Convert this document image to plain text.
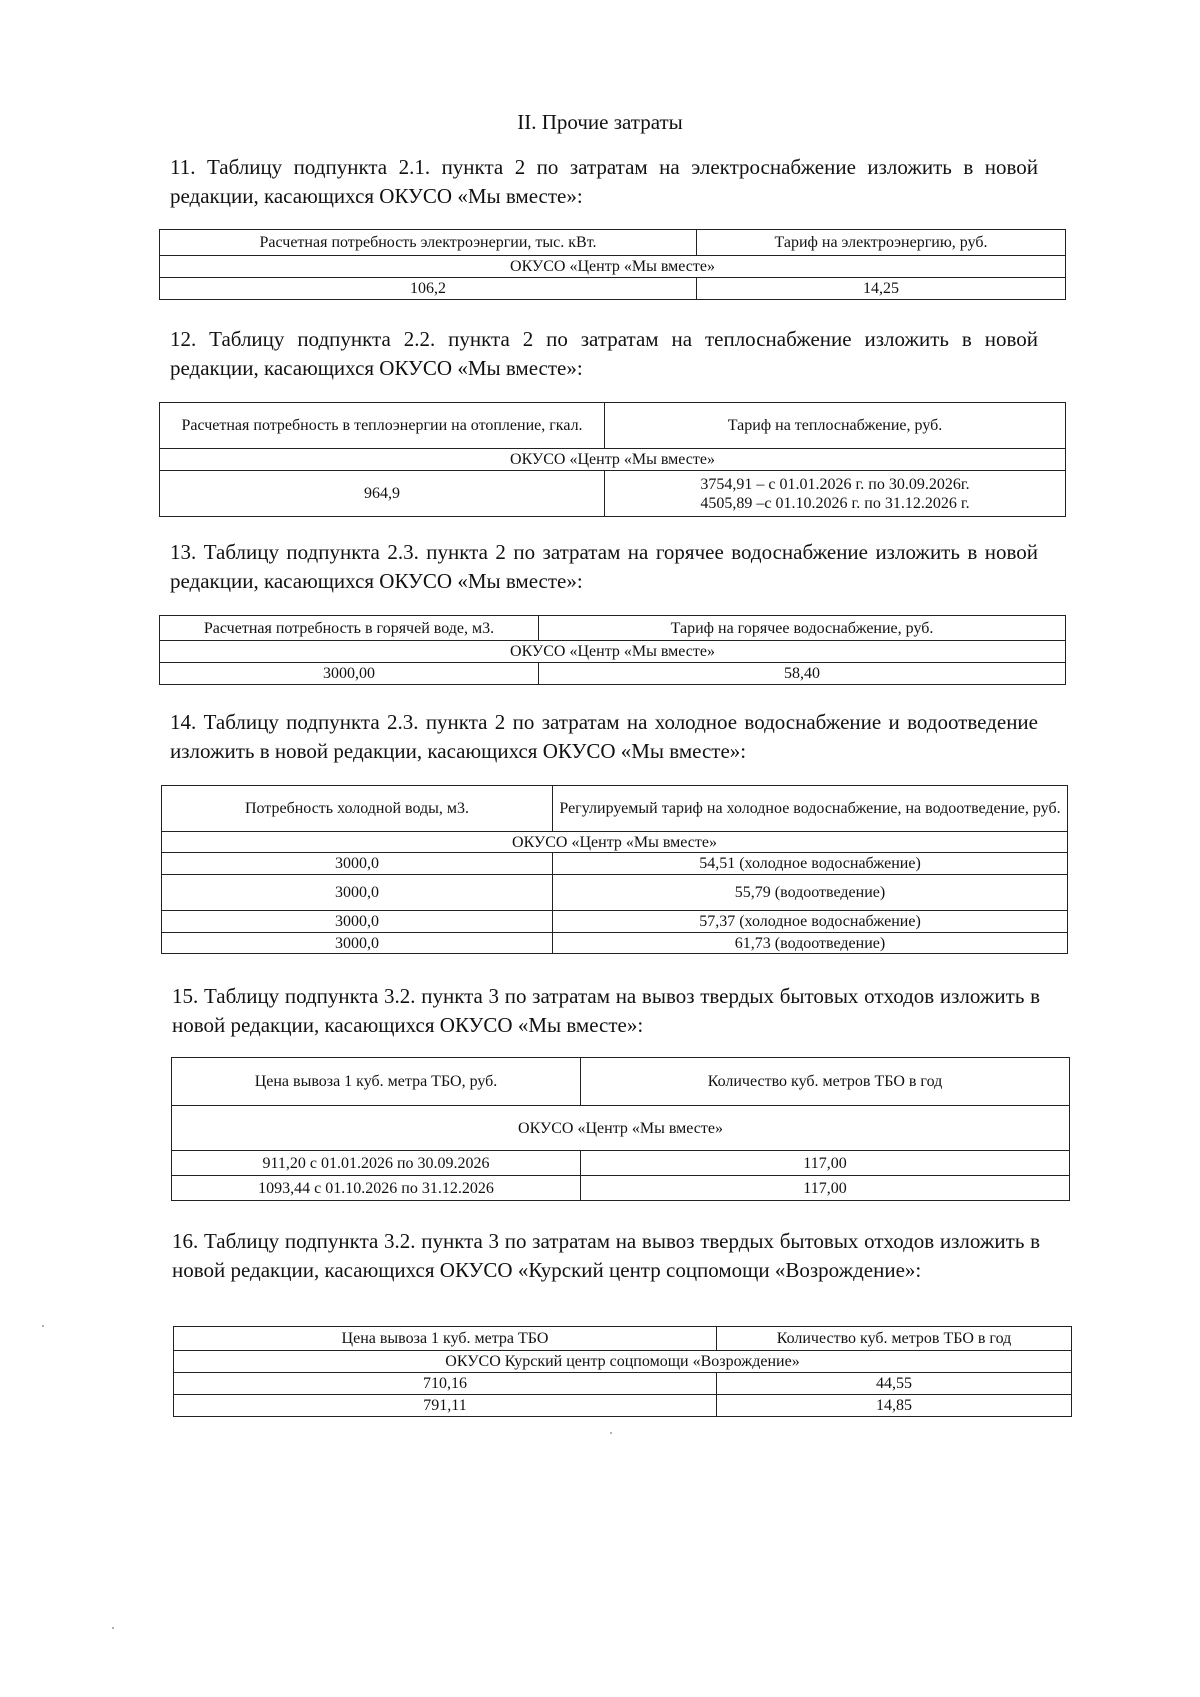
II. Прочие затраты
11. Таблицу подпункта 2.1. пункта 2 по затратам на электроснабжение изложить в новой редакции, касающихся ОКУСО «Мы вместе»:
Расчетная потребность электроэнергии, тыс. кВт.	Тариф на электроэнергию, руб.
ОКУСО «Центр «Мы вместе»	
106,2	14,25
12. Таблицу подпункта 2.2. пункта 2 по затратам на теплоснабжение изложить в новой редакции, касающихся ОКУСО «Мы вместе»:
Расчетная потребность в теплоэнергии на отопление, гкал.	Тариф на теплоснабжение, руб.
ОКУСО «Центр «Мы вместе»	
964,9	3754,91 – с 01.01.2026 г. по 30.09.2026г.
4505,89 –с 01.10.2026 г. по 31.12.2026 г.
13. Таблицу подпункта 2.3. пункта 2 по затратам на горячее водоснабжение изложить в новой редакции, касающихся ОКУСО «Мы вместе»:
Расчетная потребность в горячей воде, м3.	Тариф на горячее водоснабжение, руб.
ОКУСО «Центр «Мы вместе»	
3000,00	58,40
14. Таблицу подпункта 2.3. пункта 2 по затратам на холодное водоснабжение и водоотведение изложить в новой редакции, касающихся ОКУСО «Мы вместе»:
Потребность холодной воды, м3.	Регулируемый тариф на холодное водоснабжение, на водоотведение, руб.
ОКУСО «Центр «Мы вместе»	
3000,0	54,51 (холодное водоснабжение)
3000,0	55,79 (водоотведение)
3000,0	57,37 (холодное водоснабжение)
3000,0	61,73 (водоотведение)
15. Таблицу подпункта 3.2. пункта 3 по затратам на вывоз твердых бытовых отходов изложить в новой редакции, касающихся ОКУСО «Мы вместе»:
Цена вывоза 1 куб. метра ТБО, руб.	Количество куб. метров ТБО в год
ОКУСО «Центр «Мы вместе»	
911,20 с 01.01.2026 по 30.09.2026	117,00
1093,44 с 01.10.2026 по 31.12.2026	117,00
16. Таблицу подпункта 3.2. пункта 3 по затратам на вывоз твердых бытовых отходов изложить в новой редакции, касающихся ОКУСО «Курский центр соцпомощи «Возрождение»:
Цена вывоза 1 куб. метра ТБО	Количество куб. метров ТБО в год
ОКУСО Курский центр соцпомощи «Возрождение»	
710,16	44,55
791,11	14,85
